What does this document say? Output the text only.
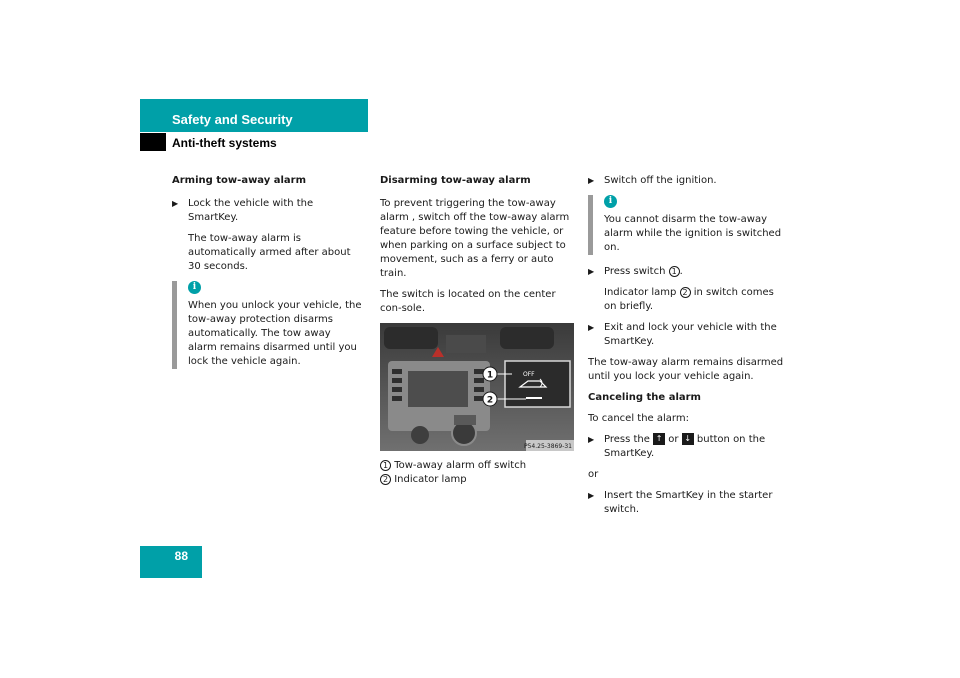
Safety and Security
Anti-theft systems
Arming tow-away alarm
▶ Lock the vehicle with the SmartKey.
The tow-away alarm is automatically armed after about 30 seconds.
i
When you unlock your vehicle, the tow-away protection disarms automatically. The tow away alarm remains disarmed until you lock the vehicle again.
Disarming tow-away alarm
To prevent triggering the tow-away alarm , switch off the tow-away alarm feature before towing the vehicle, or when parking on a surface subject to movement, such as a ferry or auto train.
The switch is located on the center con-sole.
OFF
1
2
P54.25-3869-31
1 Tow-away alarm off switch
2 Indicator lamp
▶ Switch off the ignition.
i
You cannot disarm the tow-away alarm while the ignition is switched on.
▶ Press switch 1 .
Indicator lamp 2 in switch comes on briefly.
▶ Exit and lock your vehicle with the SmartKey.
The tow-away alarm remains disarmed until you lock your vehicle again.
Canceling the alarm
To cancel the alarm:
▶ Press the ↑ or ↓ button on the SmartKey.
or
▶ Insert the SmartKey in the starter switch.
88
